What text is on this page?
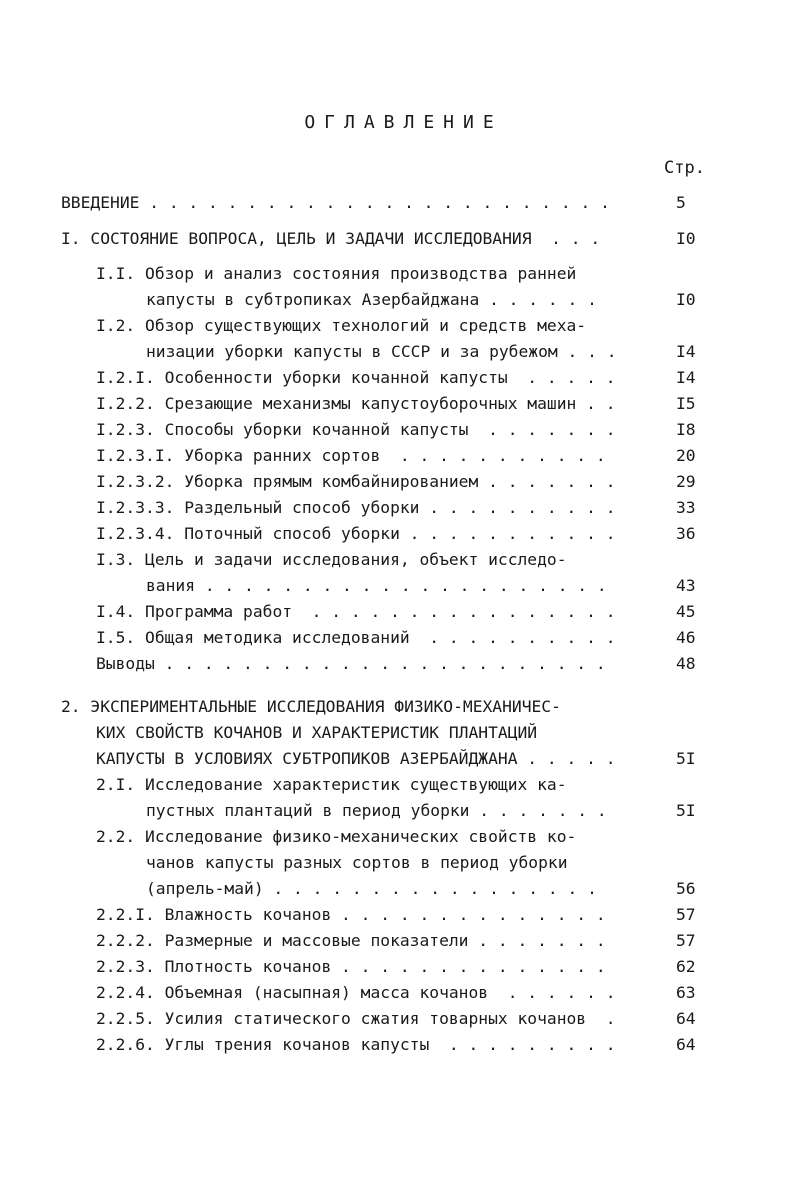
ОГЛАВЛЕНИЕ
Стр.

ВВЕДЕНИЕ . . . . . . . . . . . . . . . . . . . . . . . .

	5

I. СОСТОЯНИЕ ВОПРОСА, ЦЕЛЬ И ЗАДАЧИ ИССЛЕДОВАНИЯ  . . .

	I0

I.I. Обзор и анализ состояния производства ранней

капусты в субтропиках Азербайджана . . . . . .

	I0

I.2. Обзор существующих технологий и средств меха-

низации уборки капусты в СССР и за рубежом . . .

	I4

I.2.I. Особенности уборки кочанной капусты  . . . . .

	I4

I.2.2. Срезающие механизмы капустоуборочных машин . .

	I5

I.2.3. Способы уборки кочанной капусты  . . . . . . .

	I8

I.2.3.I. Уборка ранних сортов  . . . . . . . . . . .

	20

I.2.3.2. Уборка прямым комбайнированием . . . . . . .

	29

I.2.3.3. Раздельный способ уборки . . . . . . . . . .

	33

I.2.3.4. Поточный способ уборки . . . . . . . . . . .

	36

I.3. Цель и задачи исследования, объект исследо-

вания . . . . . . . . . . . . . . . . . . . . .

	43

I.4. Программа работ  . . . . . . . . . . . . . . . .

	45

I.5. Общая методика исследований  . . . . . . . . . .

	46

Выводы . . . . . . . . . . . . . . . . . . . . . . .

	48

2. ЭКСПЕРИМЕНТАЛЬНЫЕ ИССЛЕДОВАНИЯ ФИЗИКО-МЕХАНИЧЕС-

КИХ СВОЙСТВ КОЧАНОВ И ХАРАКТЕРИСТИК ПЛАНТАЦИЙ

КАПУСТЫ В УСЛОВИЯХ СУБТРОПИКОВ АЗЕРБАЙДЖАНА . . . . .

	5I

2.I. Исследование характеристик существующих ка-

пустных плантаций в период уборки . . . . . . .

	5I

2.2. Исследование физико-механических свойств ко-

чанов капусты разных сортов в период уборки

(апрель-май) . . . . . . . . . . . . . . . . .

	56

2.2.I. Влажность кочанов . . . . . . . . . . . . . .

	57

2.2.2. Размерные и массовые показатели . . . . . . .

	57

2.2.3. Плотность кочанов . . . . . . . . . . . . . .

	62

2.2.4. Объемная (насыпная) масса кочанов  . . . . . .

	63

2.2.5. Усилия статического сжатия товарных кочанов  .

	64

2.2.6. Углы трения кочанов капусты  . . . . . . . . .

	64
